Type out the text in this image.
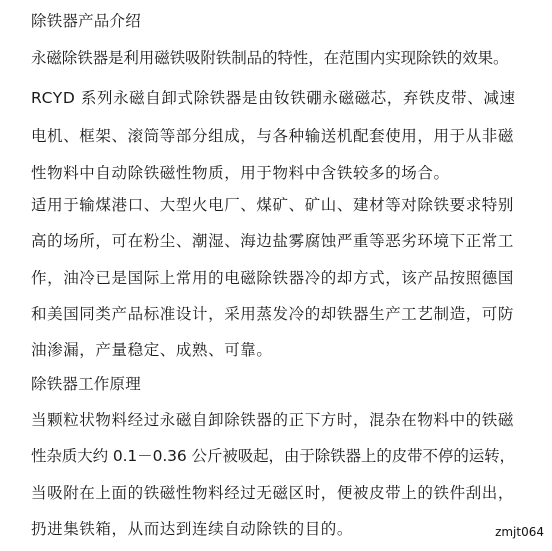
除铁器产品介绍
永磁除铁器是利用磁铁吸附铁制品的特性，在范围内实现除铁的效果。
RCYD 系列永磁自卸式除铁器是由钕铁硼永磁磁芯，弃铁皮带、减速
电机、框架、滚筒等部分组成，与各种输送机配套使用，用于从非磁
性物料中自动除铁磁性物质，用于物料中含铁较多的场合。
适用于输煤港口、大型火电厂、煤矿、矿山、建材等对除铁要求特别
高的场所，可在粉尘、潮湿、海边盐雾腐蚀严重等恶劣环境下正常工
作，油冷已是国际上常用的电磁除铁器冷的却方式，该产品按照德国
和美国同类产品标准设计，采用蒸发冷的却铁器生产工艺制造，可防
油渗漏，产量稳定、成熟、可靠。
除铁器工作原理
当颗粒状物料经过永磁自卸除铁器的正下方时，混杂在物料中的铁磁
性杂质大约 0.1－0.36 公斤被吸起，由于除铁器上的皮带不停的运转，
当吸附在上面的铁磁性物料经过无磁区时，便被皮带上的铁件刮出，
扔进集铁箱，从而达到连续自动除铁的目的。	zmjt064
